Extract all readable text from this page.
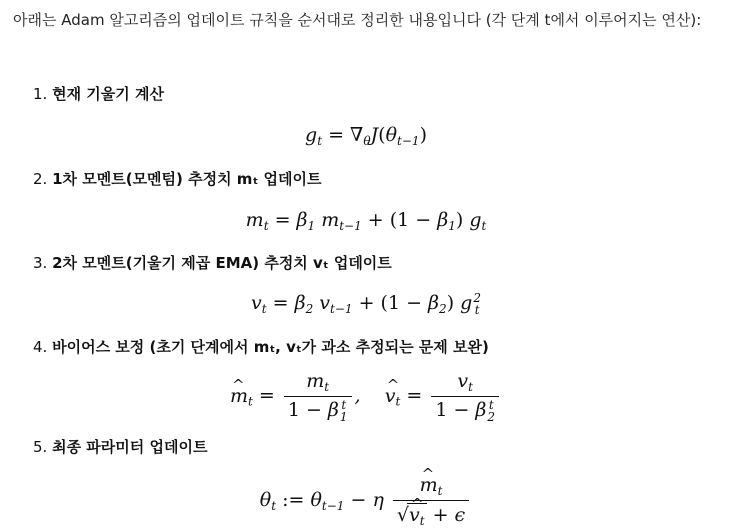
아래는 Adam 알고리즘의 업데이트 규칙을 순서대로 정리한 내용입니다 (각 단계 t에서 이루어지는 연산):

1. 현재 기울기 계산

$g_t = \nabla_\theta J(\theta_{t-1})$

2. 1차 모멘트(모멘텀) 추정치 mₜ 업데이트

$m_t = \beta_1$ $m_{t-1} + (1 - \beta_1)$ $g_t$

3. 2차 모멘트(기울기 제곱 EMA) 추정치 vₜ 업데이트

$v_t = \beta_2$ $v_{t-1} + (1 - \beta_2)$ g 2
t

4. 바이어스 보정 (초기 단계에서 mₜ, vₜ가 과소 추정되는 문제 보완)

^ $m_t = m_t$
1 − β t
1 ,    ^ $v_t = v_t$
1 − β t
2

5. 최종 파라미터 업데이트

$\theta_t$ := $\theta_{t-1} - \eta$
^ $\frac{m_t}{√\^{} v_t + \epsilon}$
